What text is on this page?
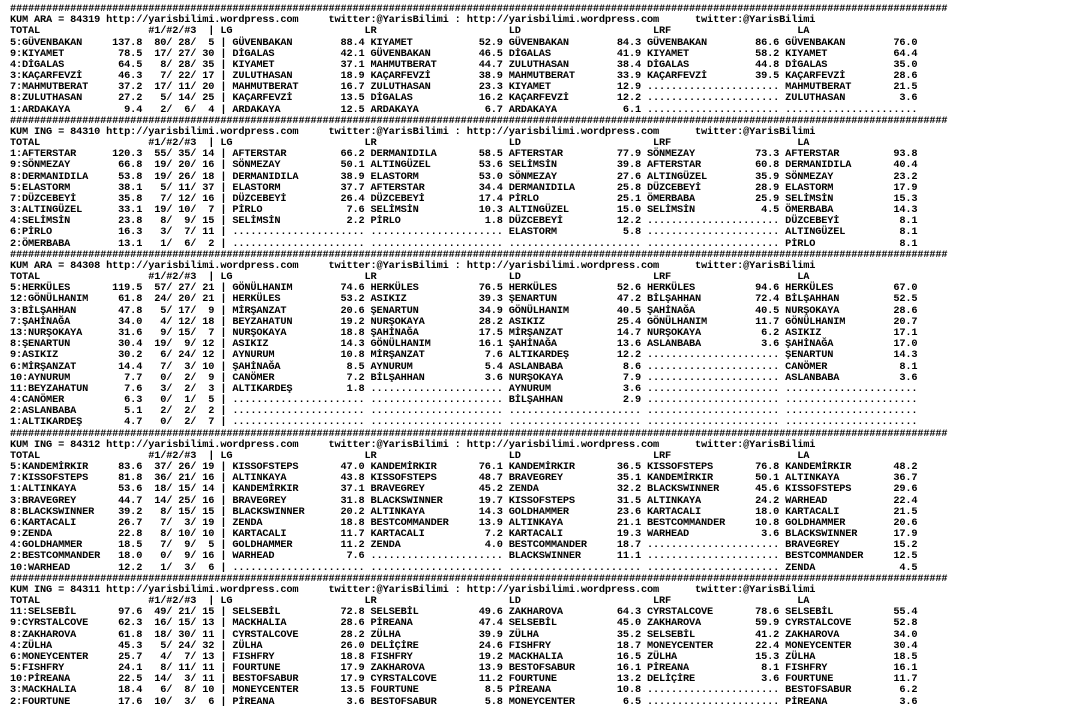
############################################################################################################################################################
KUM ARA = 84319 http://yarisbilimi.wordpress.com     twitter:@YarisBilimi : http://yarisbilimi.wordpress.com      twitter:@YarisBilimi
TOTAL                  #1/#2/#3  | LG                      LR                      LD                      LRF                     LA
5:GÜVENBAKAN     137.8  80/ 28/  5 | GÜVENBAKAN        88.4 KIYAMET           52.9 GÜVENBAKAN        84.3 GÜVENBAKAN        86.6 GÜVENBAKAN        76.0
9:KIYAMET         78.5  17/ 27/ 30 | DİGALAS           42.1 GÜVENBAKAN        46.5 DİGALAS           41.9 KIYAMET           58.2 KIYAMET           64.4
4:DİGALAS         64.5   8/ 28/ 35 | KIYAMET           37.1 MAHMUTBERAT       44.7 ZULUTHASAN        38.4 DİGALAS           44.8 DİGALAS           35.0
3:KAÇARFEVZİ      46.3   7/ 22/ 17 | ZULUTHASAN        18.9 KAÇARFEVZİ        38.9 MAHMUTBERAT       33.9 KAÇARFEVZİ        39.5 KAÇARFEVZİ        28.6
7:MAHMUTBERAT     37.2  17/ 11/ 20 | MAHMUTBERAT       16.7 ZULUTHASAN        23.3 KIYAMET           12.9 ...................... MAHMUTBERAT       21.5
8:ZULUTHASAN      27.2   5/ 14/ 25 | KAÇARFEVZİ        13.5 DİGALAS           16.2 KAÇARFEVZİ        12.2 ...................... ZULUTHASAN         3.6
1:ARDAKAYA         9.4   2/  6/  4 | ARDAKAYA          12.5 ARDAKAYA           6.7 ARDAKAYA           6.1 ...................... ......................
############################################################################################################################################################
KUM ING = 84310 http://yarisbilimi.wordpress.com     twitter:@YarisBilimi : http://yarisbilimi.wordpress.com      twitter:@YarisBilimi
TOTAL                  #1/#2/#3  | LG                      LR                      LD                      LRF                     LA
1:AFTERSTAR      120.3  55/ 35/ 14 | AFTERSTAR         66.2 DERMANIDILA       58.5 AFTERSTAR         77.9 SÖNMEZAY          73.3 AFTERSTAR         93.8
9:SÖNMEZAY        66.8  19/ 20/ 16 | SÖNMEZAY          50.1 ALTINGÜZEL        53.6 SELİMSİN          39.8 AFTERSTAR         60.8 DERMANIDILA       40.4
8:DERMANIDILA     53.8  19/ 26/ 18 | DERMANIDILA       38.9 ELASTORM          53.0 SÖNMEZAY          27.6 ALTINGÜZEL        35.9 SÖNMEZAY          23.2
5:ELASTORM        38.1   5/ 11/ 37 | ELASTORM          37.7 AFTERSTAR         34.4 DERMANIDILA       25.8 DÜZCEBEYİ         28.9 ELASTORM          17.9
7:DÜZCEBEYİ       35.8   7/ 12/ 16 | DÜZCEBEYİ         26.4 DÜZCEBEYİ         17.4 PİRLO             25.1 ÖMERBABA          25.9 SELİMSİN          15.3
3:ALTINGÜZEL      33.1  19/ 10/  7 | PİRLO              7.6 SELİMSİN          10.3 ALTINGÜZEL        15.0 SELİMSİN           4.5 ÖMERBABA          14.3
4:SELİMSİN        23.8   8/  9/ 15 | SELİMSİN           2.2 PİRLO              1.8 DÜZCEBEYİ         12.2 ...................... DÜZCEBEYİ          8.1
6:PİRLO           16.3   3/  7/ 11 | ...................... ...................... ELASTORM           5.8 ...................... ALTINGÜZEL         8.1
2:ÖMERBABA        13.1   1/  6/  2 | ...................... ...................... ...................... ...................... PİRLO              8.1
############################################################################################################################################################
KUM ARA = 84308 http://yarisbilimi.wordpress.com     twitter:@YarisBilimi : http://yarisbilimi.wordpress.com      twitter:@YarisBilimi
TOTAL                  #1/#2/#3  | LG                      LR                      LD                      LRF                     LA
5:HERKÜLES       119.5  57/ 27/ 21 | GÖNÜLHANIM        74.6 HERKÜLES          76.5 HERKÜLES          52.6 HERKÜLES          94.6 HERKÜLES          67.0
12:GÖNÜLHANIM     61.8  24/ 20/ 21 | HERKÜLES          53.2 ASIKIZ            39.3 ŞENARTUN          47.2 BİLŞAHHAN         72.4 BİLŞAHHAN         52.5
3:BİLŞAHHAN       47.8   5/ 17/  9 | MİRŞANZAT         20.6 ŞENARTUN          34.9 GÖNÜLHANIM        40.5 ŞAHİNAĞA          40.5 NURŞOKAYA         28.6
7:ŞAHİNAĞA        34.0   4/ 12/ 18 | BEYZAHATUN        19.2 NURŞOKAYA         28.2 ASIKIZ            25.4 GÖNÜLHANIM        11.7 GÖNÜLHANIM        20.7
13:NURŞOKAYA      31.6   9/ 15/  7 | NURŞOKAYA         18.8 ŞAHİNAĞA          17.5 MİRŞANZAT         14.7 NURŞOKAYA          6.2 ASIKIZ            17.1
8:ŞENARTUN        30.4  19/  9/ 12 | ASIKIZ            14.3 GÖNÜLHANIM        16.1 ŞAHİNAĞA          13.6 ASLANBABA          3.6 ŞAHİNAĞA          17.0
9:ASIKIZ          30.2   6/ 24/ 12 | AYNURUM           10.8 MİRŞANZAT          7.6 ALTIKARDEŞ        12.2 ...................... ŞENARTUN          14.3
6:MİRŞANZAT       14.4   7/  3/ 10 | ŞAHİNAĞA           8.5 AYNURUM            5.4 ASLANBABA          8.6 ...................... CANÖMER            8.1
10:AYNURUM         7.7   0/  2/  9 | CANÖMER            7.2 BİLŞAHHAN          3.6 NURŞOKAYA          7.9 ...................... ASLANBABA          3.6
11:BEYZAHATUN      7.6   3/  2/  3 | ALTIKARDEŞ         1.8 ...................... AYNURUM            3.6 ...................... ......................
4:CANÖMER          6.3   0/  1/  5 | ...................... ...................... BİLŞAHHAN          2.9 ...................... ......................
2:ASLANBABA        5.1   2/  2/  2 | ...................... ...................... ...................... ...................... ......................
1:ALTIKARDEŞ       4.7   0/  2/  7 | ...................... ...................... ...................... ...................... ......................
############################################################################################################################################################
KUM ING = 84312 http://yarisbilimi.wordpress.com     twitter:@YarisBilimi : http://yarisbilimi.wordpress.com      twitter:@YarisBilimi
TOTAL                  #1/#2/#3  | LG                      LR                      LD                      LRF                     LA
5:KANDEMİRKIR     83.6  37/ 26/ 19 | KISSOFSTEPS       47.0 KANDEMİRKIR       76.1 KANDEMİRKIR       36.5 KISSOFSTEPS       76.8 KANDEMİRKIR       48.2
7:KISSOFSTEPS     81.8  36/ 21/ 16 | ALTINKAYA         43.8 KISSOFSTEPS       48.7 BRAVEGREY         35.1 KANDEMİRKIR       50.1 ALTINKAYA         36.7
1:ALTINKAYA       53.6  18/ 15/ 14 | KANDEMİRKIR       37.1 BRAVEGREY         45.2 ZENDA             32.2 BLACKSWINNER      45.6 KISSOFSTEPS       29.6
3:BRAVEGREY       44.7  14/ 25/ 16 | BRAVEGREY         31.8 BLACKSWINNER      19.7 KISSOFSTEPS       31.5 ALTINKAYA         24.2 WARHEAD           22.4
8:BLACKSWINNER    39.2   8/ 15/ 15 | BLACKSWINNER      20.2 ALTINKAYA         14.3 GOLDHAMMER        23.6 KARTACALI         18.0 KARTACALI         21.5
6:KARTACALI       26.7   7/  3/ 19 | ZENDA             18.8 BESTCOMMANDER     13.9 ALTINKAYA         21.1 BESTCOMMANDER     10.8 GOLDHAMMER        20.6
9:ZENDA           22.8   8/ 10/ 10 | KARTACALI         11.7 KARTACALI          7.2 KARTACALI         19.3 WARHEAD            3.6 BLACKSWINNER      17.9
4:GOLDHAMMER      18.5   7/  9/  5 | GOLDHAMMER        11.2 ZENDA              4.0 BESTCOMMANDER     18.7 ...................... BRAVEGREY         15.2
2:BESTCOMMANDER   18.0   0/  9/ 16 | WARHEAD            7.6 ...................... BLACKSWINNER      11.1 ...................... BESTCOMMANDER     12.5
10:WARHEAD        12.2   1/  3/  6 | ...................... ...................... ...................... ...................... ZENDA              4.5
############################################################################################################################################################
KUM ING = 84311 http://yarisbilimi.wordpress.com     twitter:@YarisBilimi : http://yarisbilimi.wordpress.com      twitter:@YarisBilimi
TOTAL                  #1/#2/#3  | LG                      LR                      LD                      LRF                     LA
11:SELSEBİL       97.6  49/ 21/ 15 | SELSEBİL          72.8 SELSEBİL          49.6 ZAKHAROVA         64.3 CYRSTALCOVE       78.6 SELSEBİL          55.4
9:CYRSTALCOVE     62.3  16/ 15/ 13 | MACKHALIA         28.6 PİREANA           47.4 SELSEBİL          45.0 ZAKHAROVA         59.9 CYRSTALCOVE       52.8
8:ZAKHAROVA       61.8  18/ 30/ 11 | CYRSTALCOVE       28.2 ZÜLHA             39.9 ZÜLHA             35.2 SELSEBİL          41.2 ZAKHAROVA         34.0
4:ZÜLHA           45.3   5/ 24/ 32 | ZÜLHA             26.0 DELİÇİRE          24.6 FISHFRY           18.7 MONEYCENTER       22.4 MONEYCENTER       30.4
6:MONEYCENTER     25.7   4/  7/ 13 | FISHFRY           18.8 FISHFRY           19.2 MACKHALIA         16.5 ZÜLHA             15.3 ZÜLHA             18.5
5:FISHFRY         24.1   8/ 11/ 11 | FOURTUNE          17.9 ZAKHAROVA         13.9 BESTOFSABUR       16.1 PİREANA            8.1 FISHFRY           16.1
10:PİREANA        22.5  14/  3/ 11 | BESTOFSABUR       17.9 CYRSTALCOVE       11.2 FOURTUNE          13.2 DELİÇİRE           3.6 FOURTUNE          11.7
3:MACKHALIA       18.4   6/  8/ 10 | MONEYCENTER       13.5 FOURTUNE           8.5 PİREANA           10.8 ...................... BESTOFSABUR        6.2
2:FOURTUNE        17.6  10/  3/  6 | PİREANA            3.6 BESTOFSABUR        5.8 MONEYCENTER        6.5 ...................... PİREANA            3.6
